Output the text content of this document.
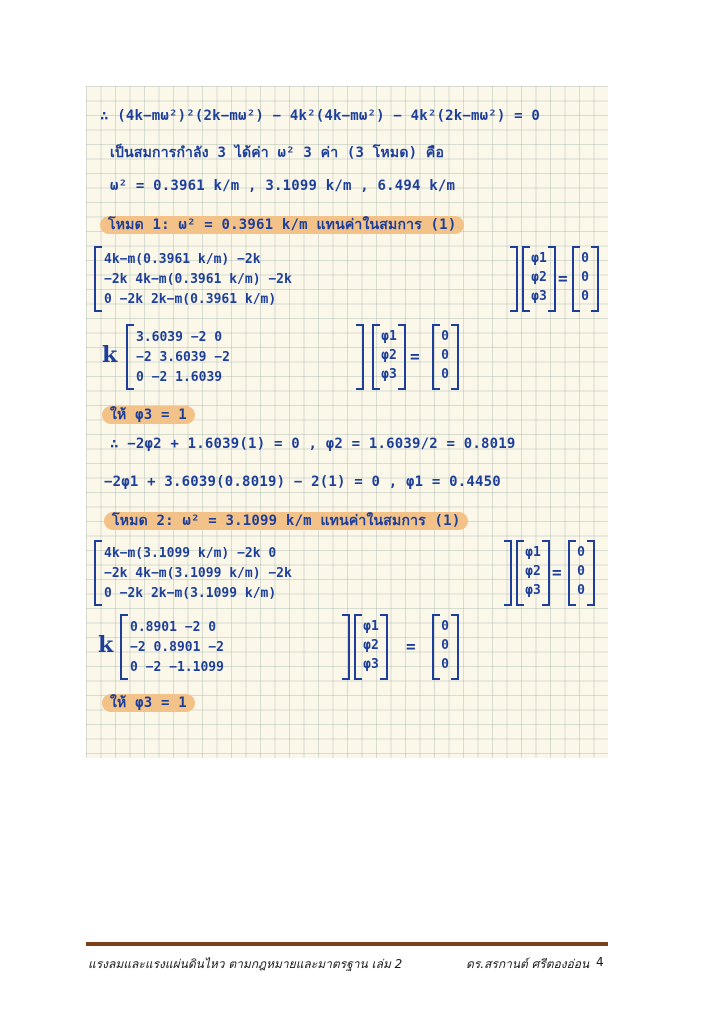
∴ (4k−mω²)²(2k−mω²) − 4k²(4k−mω²) − 4k²(2k−mω²) = 0
เป็นสมการกำลัง 3 ได้ค่า ω² 3 ค่า (3 โหมด) คือ
ω² = 0.3961 k/m , 3.1099 k/m , 6.494 k/m
โหมด 1: ω² = 0.3961 k/m แทนค่าในสมการ (1)
4k−m(0.3961 k/m) −2k
−2k 4k−m(0.3961 k/m) −2k
0 −2k 2k−m(0.3961 k/m)
φ1
φ2
φ3
=
0
0
0
k
3.6039 −2 0
−2 3.6039 −2
0 −2 1.6039
φ1
φ2
φ3
=
0
0
0
ให้ φ3 = 1
∴ −2φ2 + 1.6039(1) = 0 , φ2 = 1.6039/2 = 0.8019
−2φ1 + 3.6039(0.8019) − 2(1) = 0 , φ1 = 0.4450
โหมด 2: ω² = 3.1099 k/m แทนค่าในสมการ (1)
4k−m(3.1099 k/m) −2k 0
−2k 4k−m(3.1099 k/m) −2k
0 −2k 2k−m(3.1099 k/m)
φ1
φ2
φ3
=
0
0
0
k
0.8901 −2 0
−2 0.8901 −2
0 −2 −1.1099
φ1
φ2
φ3
=
0
0
0
ให้ φ3 = 1
แรงลมและแรงแผ่นดินไหว ตามกฎหมายและมาตรฐาน เล่ม 2	ดร.สรกานต์ ศรีตองอ่อน 4
